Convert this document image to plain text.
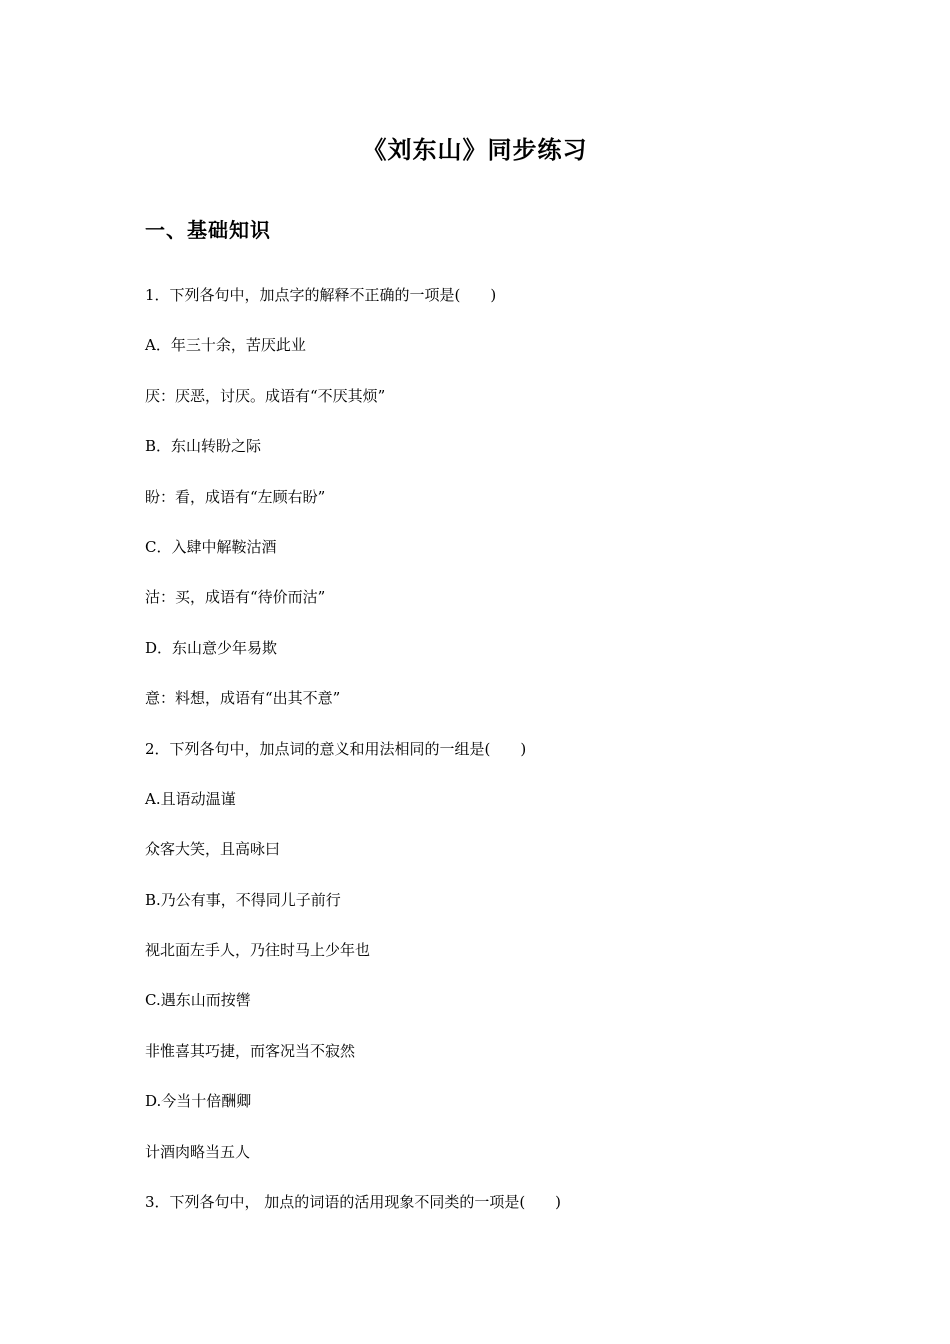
《刘东山》同步练习
一、基础知识
1．下列各句中，加点字的解释不正确的一项是(　　)
A．年三十余，苦厌此业
厌：厌恶，讨厌。成语有“不厌其烦”
B．东山转盼之际
盼：看，成语有“左顾右盼”
C．入肆中解鞍沽酒
沽：买，成语有“待价而沽”
D．东山意少年易欺
意：料想，成语有“出其不意”
2．下列各句中，加点词的意义和用法相同的一组是(　　)
A.且语动温谨
众客大笑，且高咏曰
B.乃公有事，不得同儿子前行
视北面左手人，乃往时马上少年也
C.遇东山而按辔
非惟喜其巧捷，而客况当不寂然
D.今当十倍酬卿
计酒肉略当五人
3．下列各句中， 加点的词语的活用现象不同类的一项是(　　)
